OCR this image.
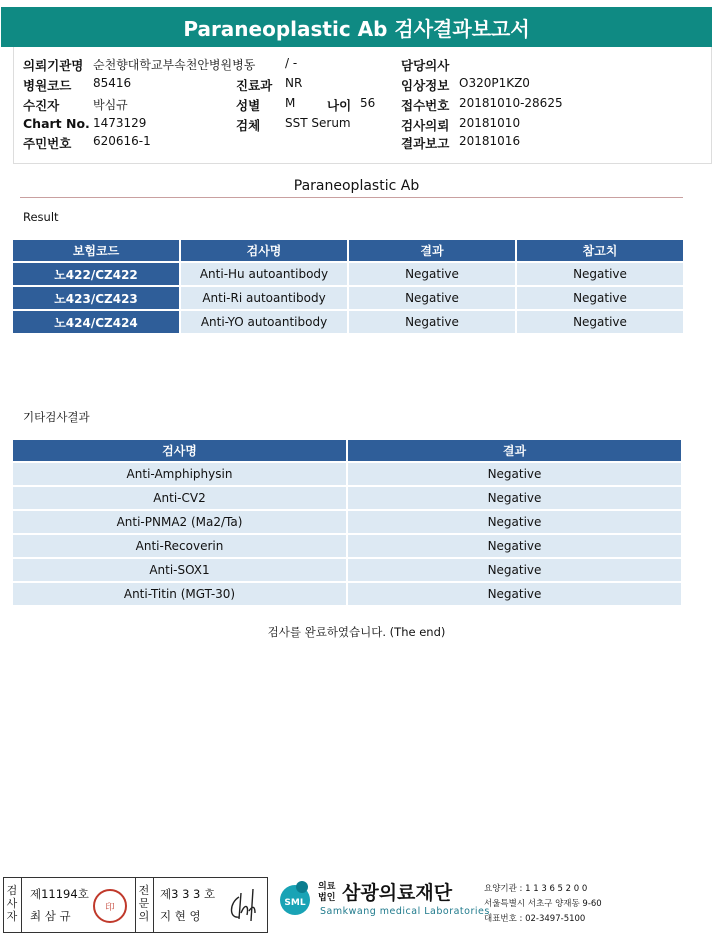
Paraneoplastic Ab 검사결과보고서
의뢰기관명 순천향대학교부속천안병원병동
병원코드 85416
수진자	박심규
Chart No. 1473129
주민번호 620616-1
/ -
진료과 NR
성별 M	나이 56
검체 SST Serum
담당의사
임상정보 O320P1KZ0
접수번호 20181010-28625
검사의뢰 20181010
결과보고 20181016
Paraneoplastic Ab
Result
보험코드	검사명	결과	참고치
노422/CZ422	Anti-Hu autoantibody	Negative	Negative
노423/CZ423	Anti-Ri autoantibody	Negative	Negative
노424/CZ424	Anti-YO autoantibody	Negative	Negative
기타검사결과
검사명	결과
Anti-Amphiphysin	Negative
Anti-CV2	Negative
Anti-PNMA2 (Ma2/Ta)	Negative
Anti-Recoverin	Negative
Anti-SOX1	Negative
Anti-Titin (MGT-30)	Negative
검사를 완료하였습니다. (The end)
검사자
제11194호
최 삼 규
전문의
제3 3 3 호
지 현 영
印	SML
의료
법인 삼광의료재단
Samkwang medical Laboratories
요양기관 : 1 1 3 6 5 2 0 0
서울특별시 서초구 양재동 9-60
대표번호 : 02-3497-5100
